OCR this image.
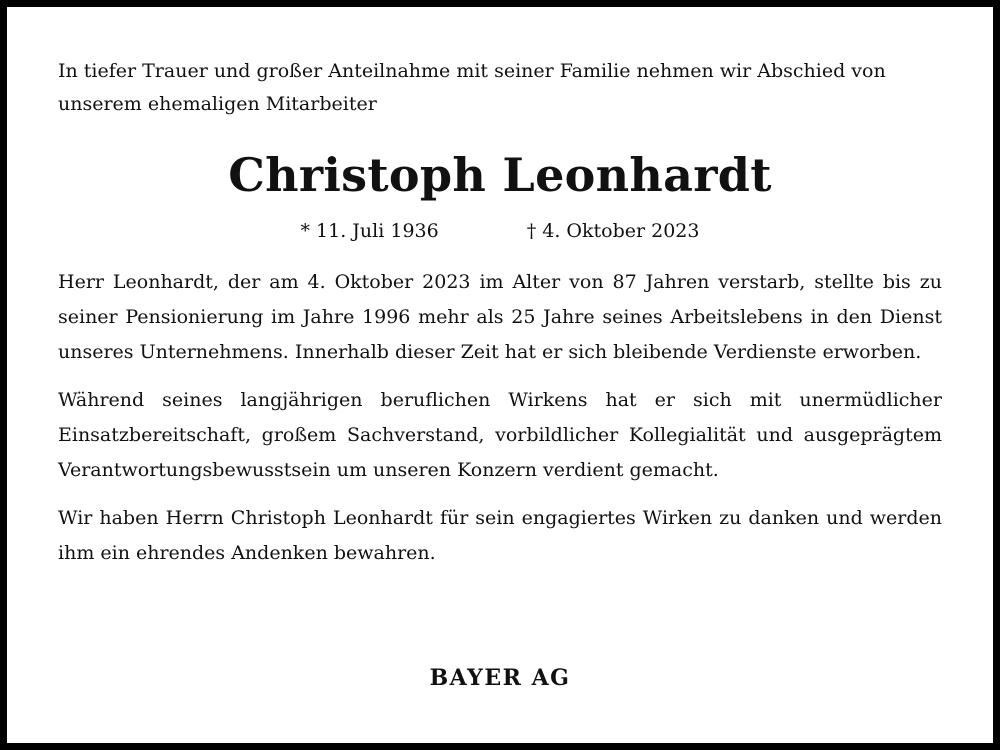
In tiefer Trauer und großer Anteilnahme mit seiner Familie nehmen wir Abschied von unserem ehemaligen Mitarbeiter

Christoph Leonhardt
* 11. Juli 1936	† 4. Oktober 2023

Herr Leonhardt, der am 4. Oktober 2023 im Alter von 87 Jahren verstarb, stellte bis zu seiner Pensionierung im Jahre 1996 mehr als 25 Jahre seines Arbeitslebens in den Dienst unseres Unternehmens. Innerhalb dieser Zeit hat er sich bleibende Verdienste erworben.

Während seines langjährigen beruflichen Wirkens hat er sich mit unermüdlicher Einsatzbereitschaft, großem Sachverstand, vorbildlicher Kollegialität und ausgeprägtem Verantwortungsbewusstsein um unseren Konzern verdient gemacht.

Wir haben Herrn Christoph Leonhardt für sein engagiertes Wirken zu danken und werden ihm ein ehrendes Andenken bewahren.

BAYER AG
